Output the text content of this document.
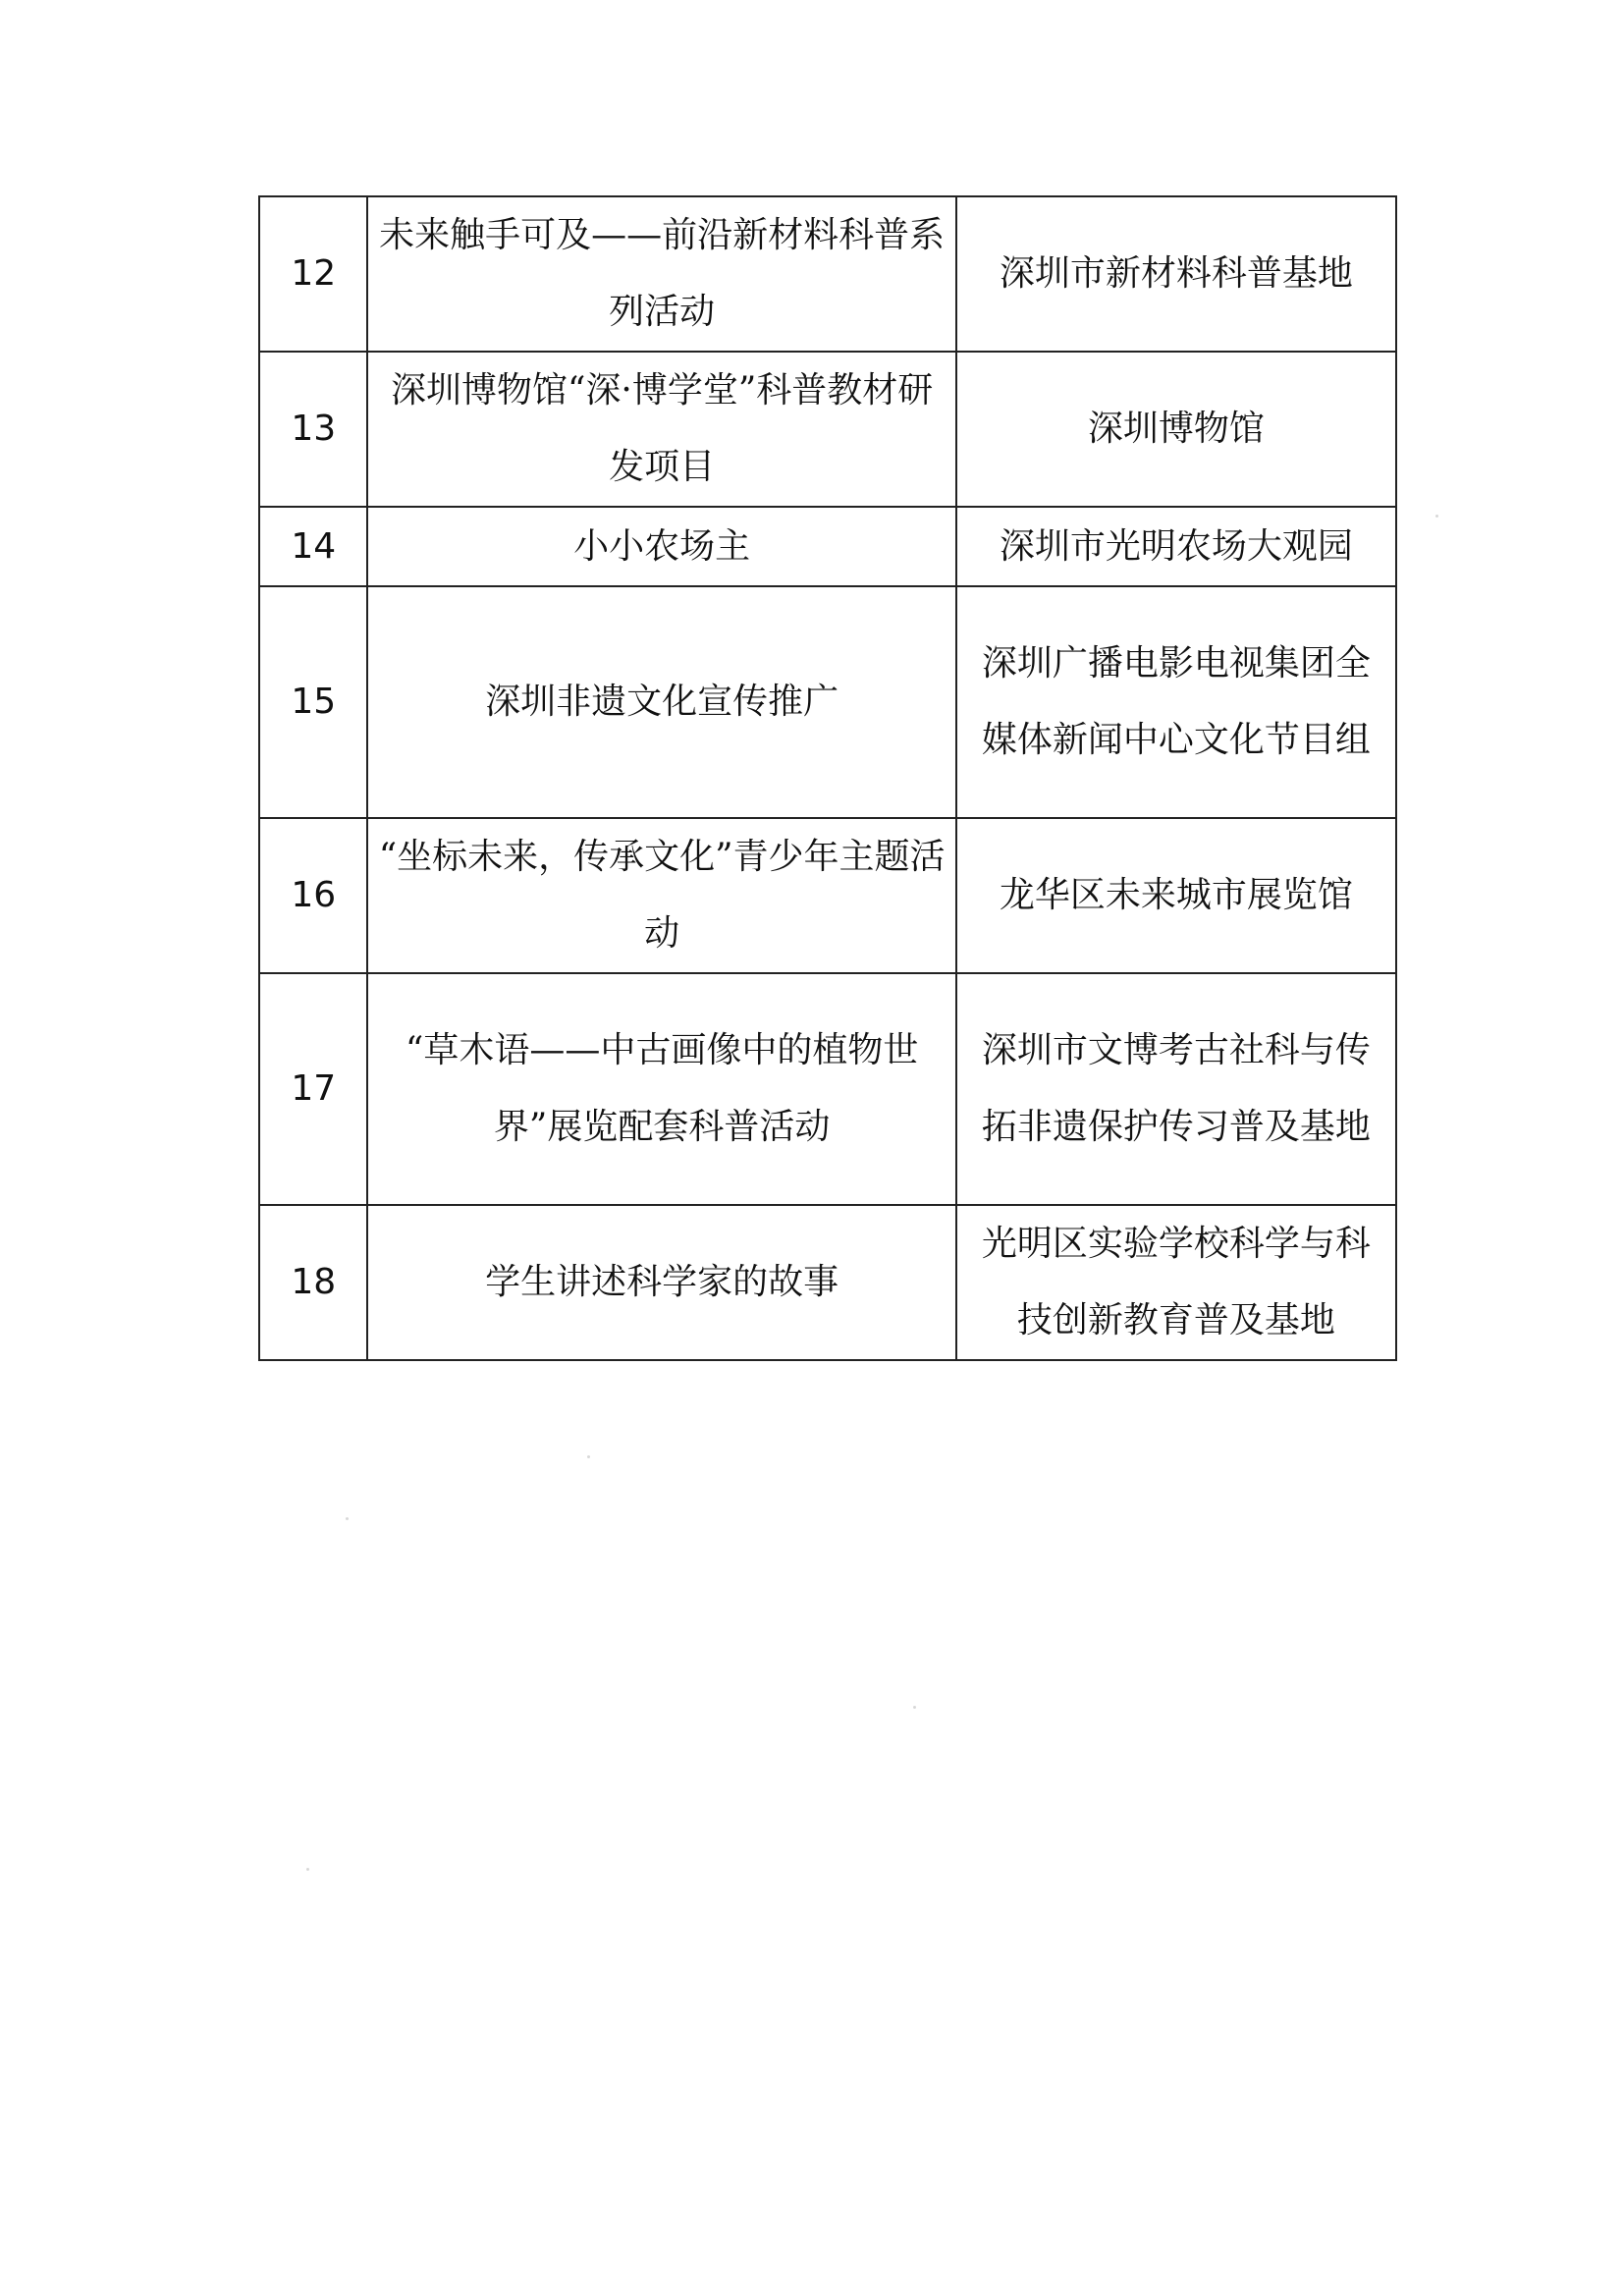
12	未来触手可及——前沿新材料科普系列活动	深圳市新材料科普基地
13	深圳博物馆“深·博学堂”科普教材研发项目	深圳博物馆
14	小小农场主	深圳市光明农场大观园
15	深圳非遗文化宣传推广	深圳广播电影电视集团全媒体新闻中心文化节目组
16	“坐标未来，传承文化”青少年主题活动	龙华区未来城市展览馆
17	“草木语——中古画像中的植物世界”展览配套科普活动	深圳市文博考古社科与传拓非遗保护传习普及基地
18	学生讲述科学家的故事	光明区实验学校科学与科技创新教育普及基地
